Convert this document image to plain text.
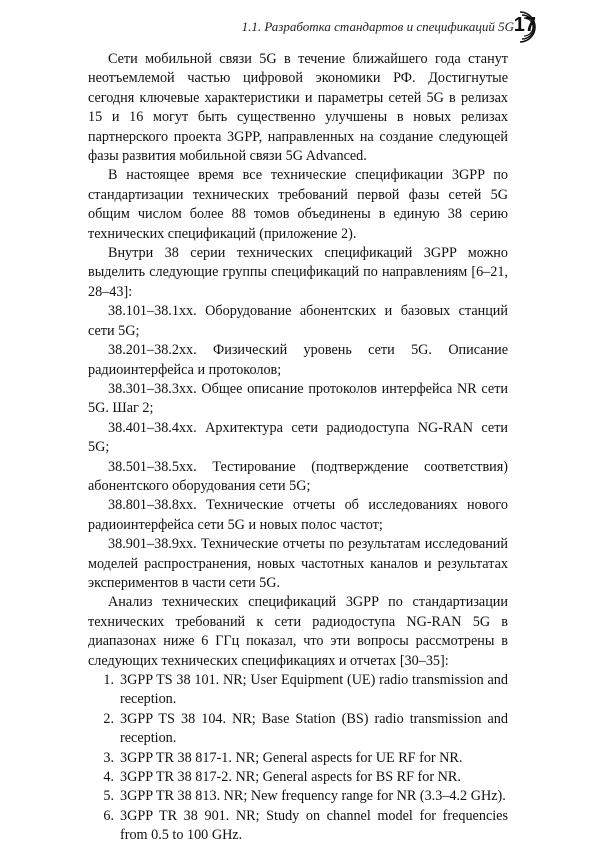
1.1. Разработка стандартов и спецификаций 5G 17

Сети мобильной связи 5G в течение ближайшего года станут неотъемлемой частью цифровой экономики РФ. Достигнутые сегодня ключевые характеристики и параметры сетей 5G в релизах 15 и 16 могут быть существенно улучшены в новых релизах партнерского проекта 3GPP, направленных на создание следующей фазы развития мобильной связи 5G Advanced.

В настоящее время все технические спецификации 3GPP по стандартизации технических требований первой фазы сетей 5G общим числом более 88 томов объединены в единую 38 серию технических спецификаций (приложение 2).

Внутри 38 серии технических спецификаций 3GPP можно выделить следующие группы спецификаций по направлениям [6–21, 28–43]:

38.101–38.1xx. Оборудование абонентских и базовых станций сети 5G;

38.201–38.2xx. Физический уровень сети 5G. Описание радиоинтерфейса и протоколов;

38.301–38.3xx. Общее описание протоколов интерфейса NR сети 5G. Шаг 2;

38.401–38.4xx. Архитектура сети радиодоступа NG-RAN сети 5G;

38.501–38.5xx. Тестирование (подтверждение соответствия) абонентского оборудования сети 5G;

38.801–38.8xx. Технические отчеты об исследованиях нового радиоинтерфейса сети 5G и новых полос частот;

38.901–38.9xx. Технические отчеты по результатам исследований моделей распространения, новых частотных каналов и результатах экспериментов в части сети 5G.

Анализ технических спецификаций 3GPP по стандартизации технических требований к сети радиодоступа NG-RAN 5G в диапазонах ниже 6 ГГц показал, что эти вопросы рассмотрены в следующих технических спецификациях и отчетах [30–35]:

1. 3GPP TS 38 101. NR; User Equipment (UE) radio transmission and reception.
2. 3GPP TS 38 104. NR; Base Station (BS) radio transmission and reception.
3. 3GPP TR 38 817-1. NR; General aspects for UE RF for NR.
4. 3GPP TR 38 817-2. NR; General aspects for BS RF for NR.
5. 3GPP TR 38 813. NR; New frequency range for NR (3.3–4.2 GHz).
6. 3GPP TR 38 901. NR; Study on channel model for frequencies from 0.5 to 100 GHz.
